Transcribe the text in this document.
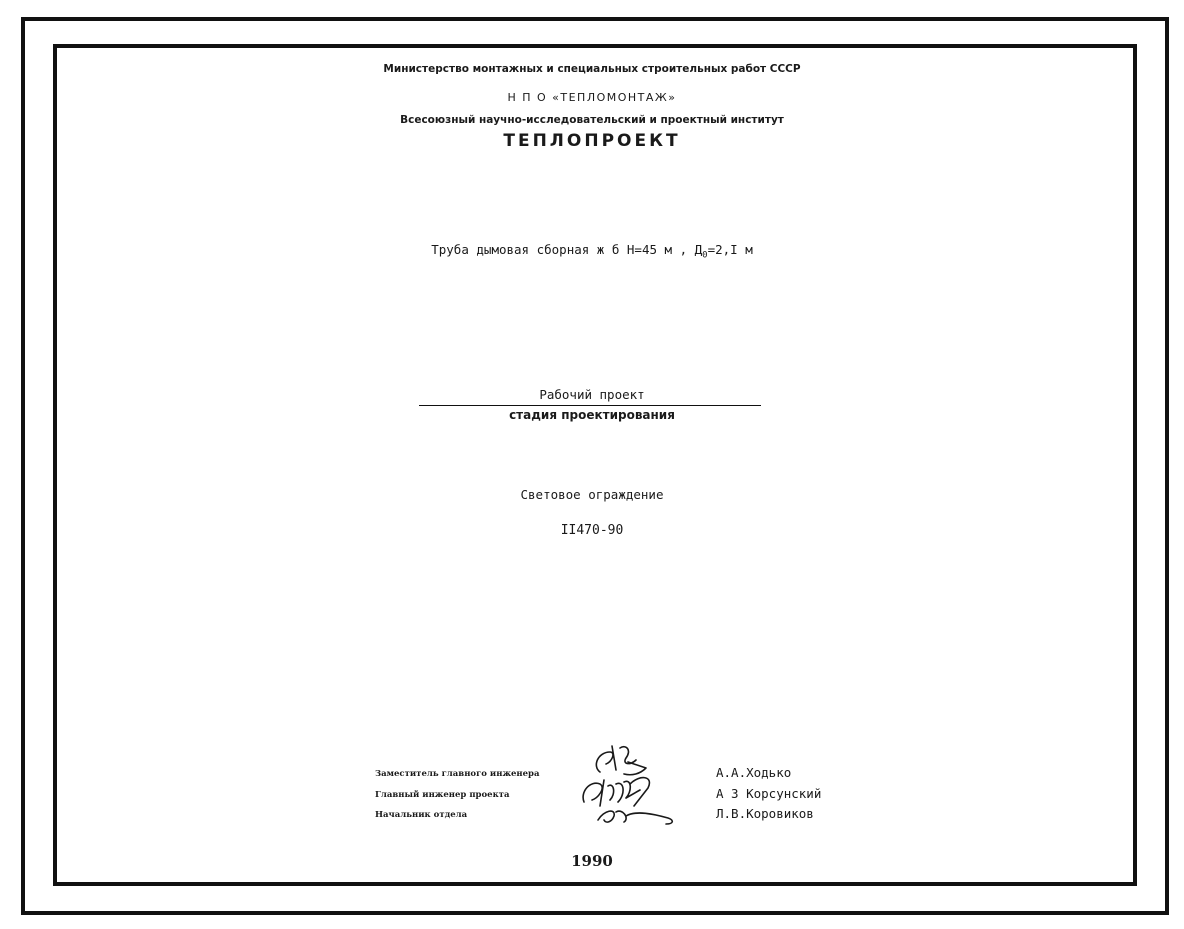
Министерство монтажных и специальных строительных работ СССР
Н П О «ТЕПЛОМОНТАЖ»
Всесоюзный научно-исследовательский и проектный институт
ТЕПЛОПРОЕКТ
Труба дымовая сборная ж б Н=45 м , $Д_0=2,I$ м
Рабочий проект
стадия проектирования
Световое ограждение
II470-90
Заместитель главного инженера
Главный инженер проекта
Начальник отдела
А.А.Ходько
А З Корсунский
Л.В.Коровиков
1990
